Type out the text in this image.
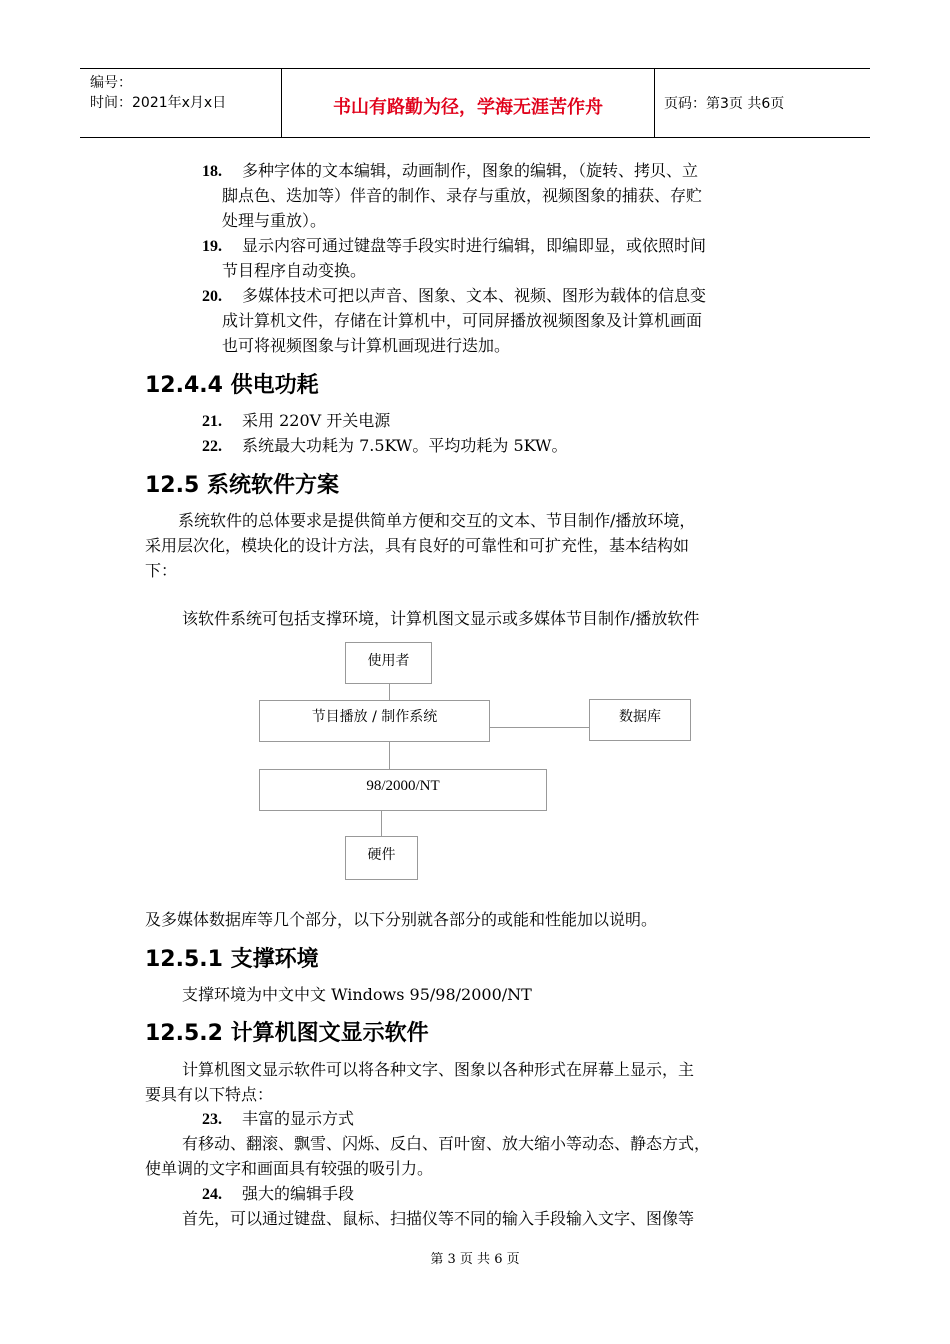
编号：
时间：2021年x月x日	书山有路勤为径，学海无涯苦作舟	页码：第3页 共6页
18. 多种字体的文本编辑，动画制作，图象的编辑，（旋转、拷贝、立
脚点色、迭加等）伴音的制作、录存与重放，视频图象的捕获、存贮
处理与重放）。
19. 显示内容可通过键盘等手段实时进行编辑，即编即显，或依照时间
节目程序自动变换。
20. 多媒体技术可把以声音、图象、文本、视频、图形为载体的信息变
成计算机文件，存储在计算机中，可同屏播放视频图象及计算机画面
也可将视频图象与计算机画现进行迭加。
12.4.4 供电功耗
21. 采用 220V 开关电源
22. 系统最大功耗为 7.5KW。平均功耗为 5KW。
12.5 系统软件方案
系统软件的总体要求是提供简单方便和交互的文本、节目制作/播放环境，
采用层次化，模块化的设计方法，具有良好的可靠性和可扩充性，基本结构如
下：
该软件系统可包括支撑环境，计算机图文显示或多媒体节目制作/播放软件
使用者
节目播放 / 制作系统	数据库
98/2000/NT
硬件
及多媒体数据库等几个部分，以下分别就各部分的或能和性能加以说明。
12.5.1 支撑环境
支撑环境为中文中文 Windows 95/98/2000/NT
12.5.2 计算机图文显示软件
计算机图文显示软件可以将各种文字、图象以各种形式在屏幕上显示，主
要具有以下特点：
23. 丰富的显示方式
有移动、翻滚、飘雪、闪烁、反白、百叶窗、放大缩小等动态、静态方式，
使单调的文字和画面具有较强的吸引力。
24. 强大的编辑手段
首先，可以通过键盘、鼠标、扫描仪等不同的输入手段输入文字、图像等
第 3 页 共 6 页
